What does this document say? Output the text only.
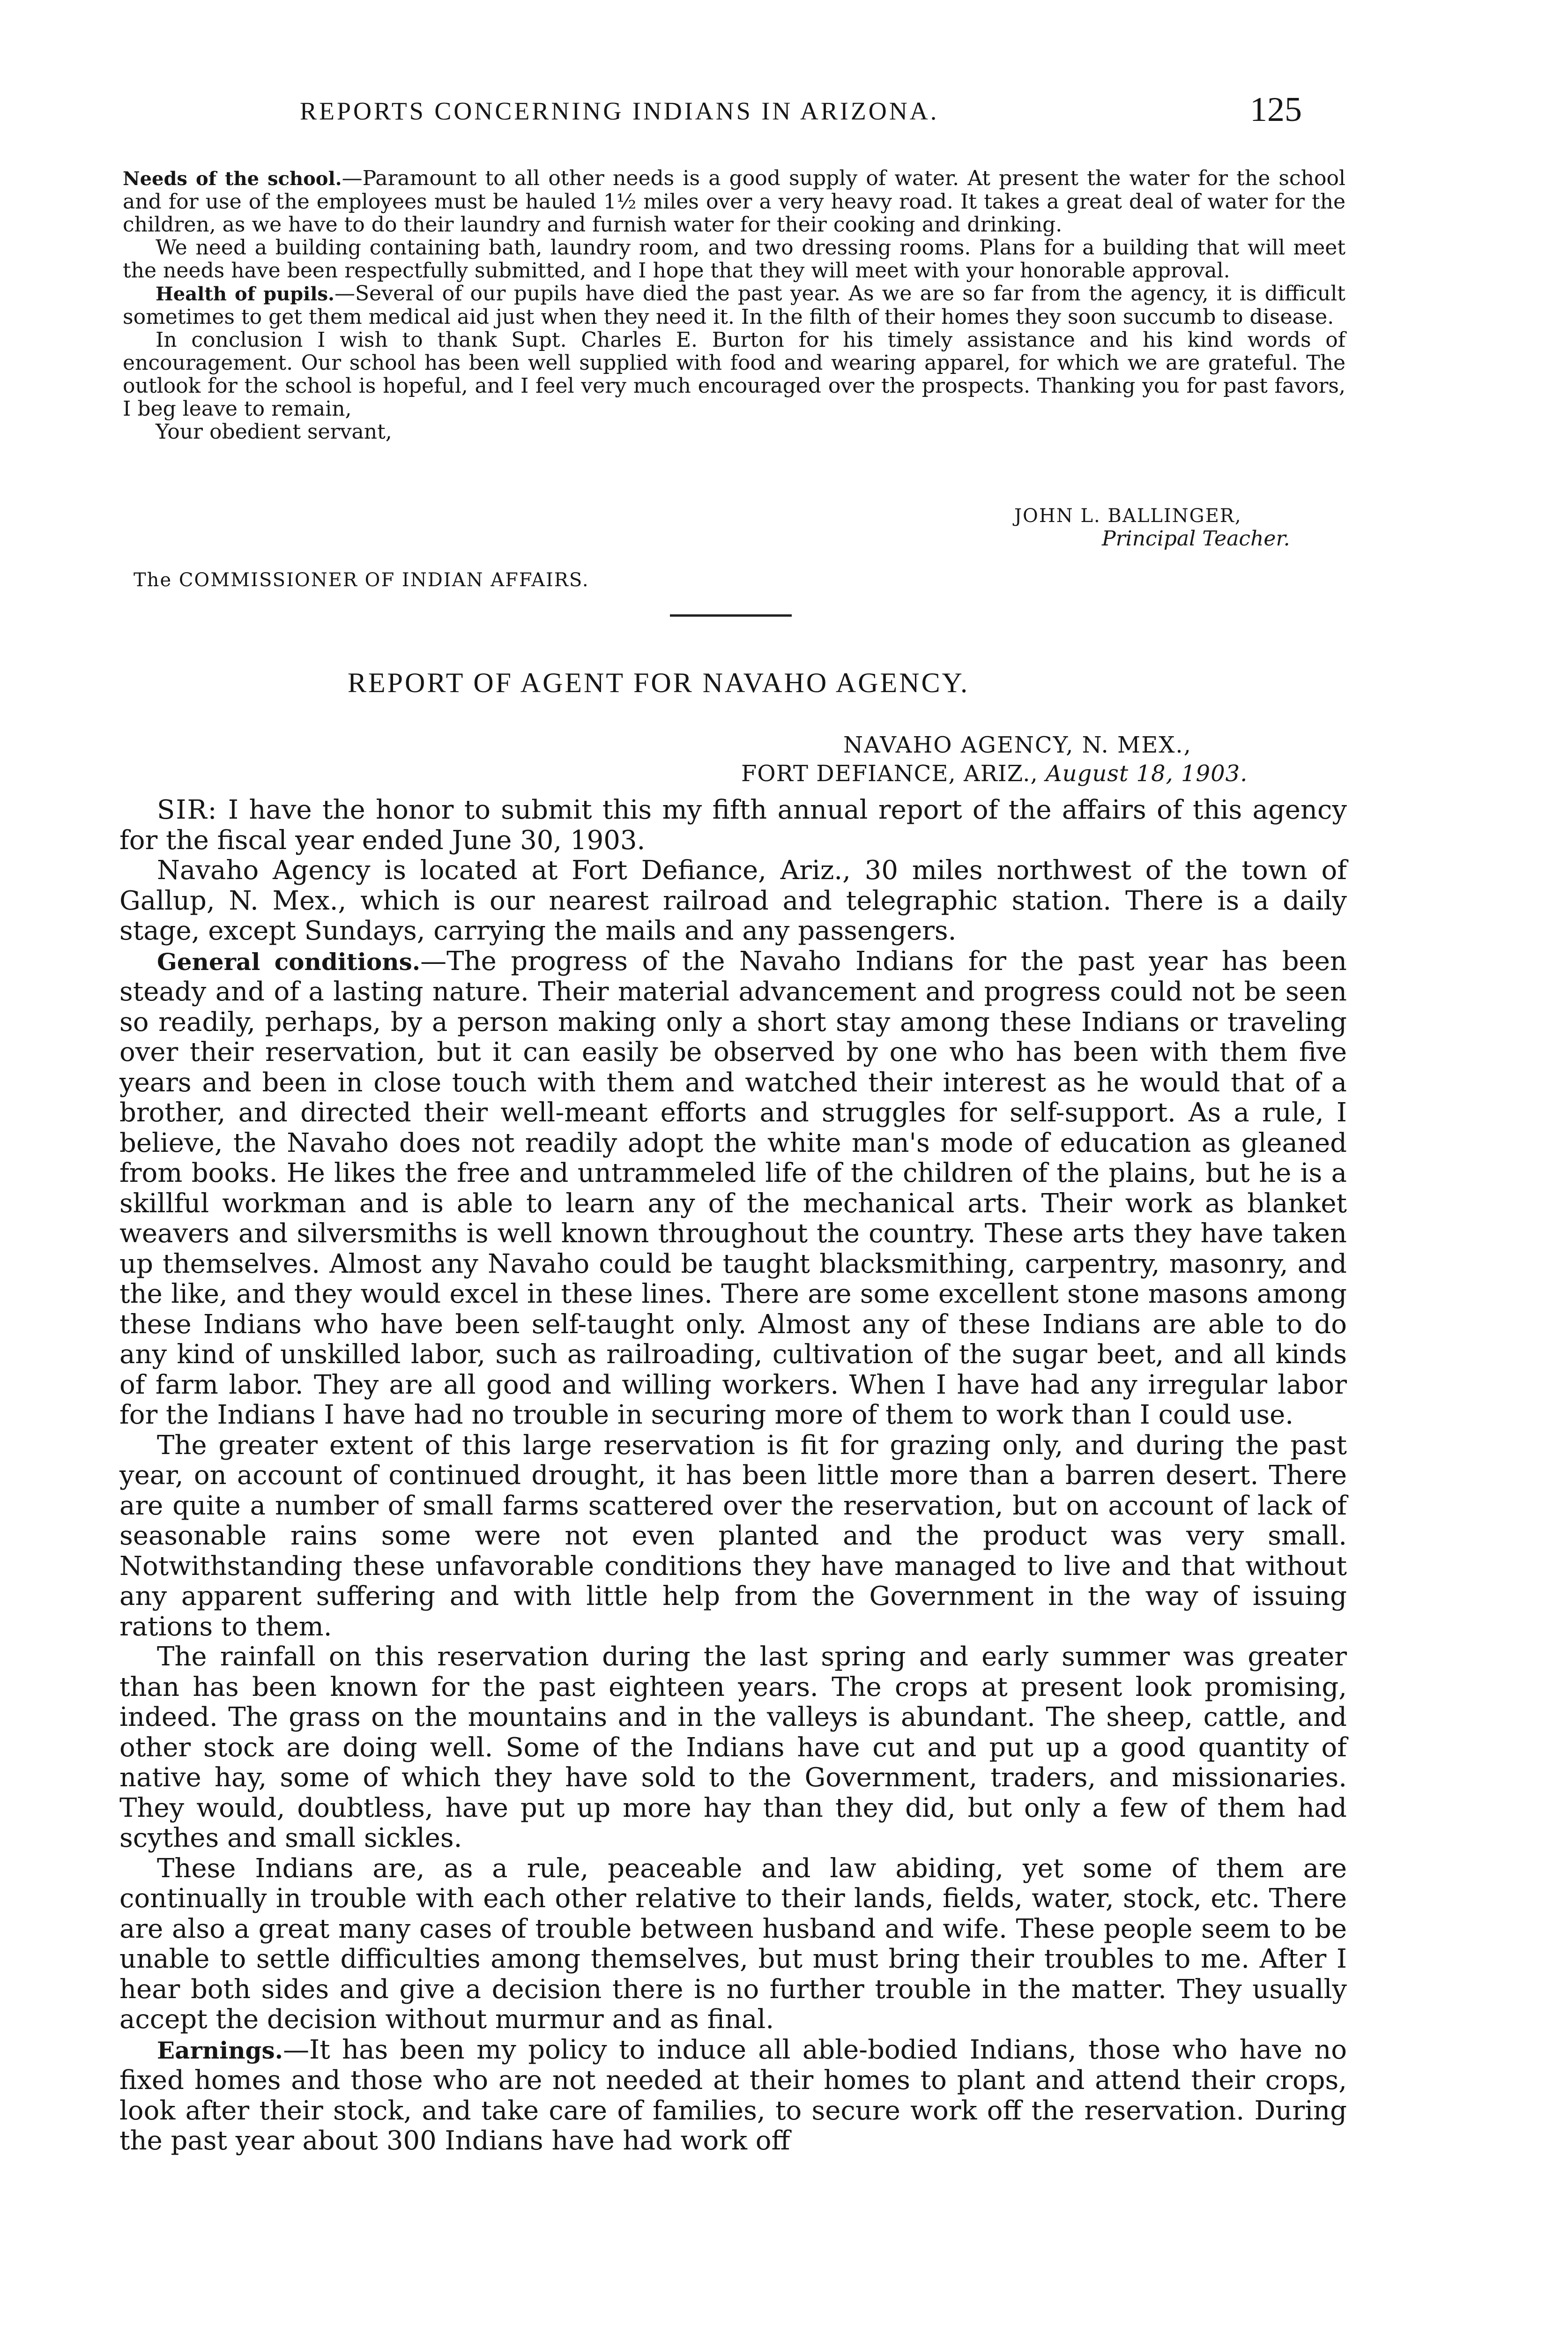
REPORTS CONCERNING INDIANS IN ARIZONA.	125

Needs of the school.—Paramount to all other needs is a good supply of water. At present the water for the school and for use of the employees must be hauled 1½ miles over a very heavy road. It takes a great deal of water for the children, as we have to do their laundry and furnish water for their cooking and drinking.

We need a building containing bath, laundry room, and two dressing rooms. Plans for a building that will meet the needs have been respectfully submitted, and I hope that they will meet with your honorable approval.

Health of pupils.—Several of our pupils have died the past year. As we are so far from the agency, it is difficult sometimes to get them medical aid just when they need it. In the filth of their homes they soon succumb to disease.

In conclusion I wish to thank Supt. Charles E. Burton for his timely assistance and his kind words of encouragement. Our school has been well supplied with food and wearing apparel, for which we are grateful. The outlook for the school is hopeful, and I feel very much encouraged over the prospects. Thanking you for past favors, I beg leave to remain,

Your obedient servant,

JOHN L. BALLINGER,
Principal Teacher.
The COMMISSIONER OF INDIAN AFFAIRS.
REPORT OF AGENT FOR NAVAHO AGENCY.
NAVAHO AGENCY, N. MEX.,
FORT DEFIANCE, ARIZ., August 18, 1903.

SIR: I have the honor to submit this my fifth annual report of the affairs of this agency for the fiscal year ended June 30, 1903.

Navaho Agency is located at Fort Defiance, Ariz., 30 miles northwest of the town of Gallup, N. Mex., which is our nearest railroad and telegraphic station. There is a daily stage, except Sundays, carrying the mails and any passengers.

General conditions.—The progress of the Navaho Indians for the past year has been steady and of a lasting nature. Their material advancement and progress could not be seen so readily, perhaps, by a person making only a short stay among these Indians or traveling over their reservation, but it can easily be observed by one who has been with them five years and been in close touch with them and watched their interest as he would that of a brother, and directed their well-meant efforts and struggles for self-support. As a rule, I believe, the Navaho does not readily adopt the white man's mode of education as gleaned from books. He likes the free and untrammeled life of the children of the plains, but he is a skillful workman and is able to learn any of the mechanical arts. Their work as blanket weavers and silversmiths is well known throughout the country. These arts they have taken up themselves. Almost any Navaho could be taught blacksmithing, carpentry, masonry, and the like, and they would excel in these lines. There are some excellent stone masons among these Indians who have been self-taught only. Almost any of these Indians are able to do any kind of unskilled labor, such as railroading, cultivation of the sugar beet, and all kinds of farm labor. They are all good and willing workers. When I have had any irregular labor for the Indians I have had no trouble in securing more of them to work than I could use.

The greater extent of this large reservation is fit for grazing only, and during the past year, on account of continued drought, it has been little more than a barren desert. There are quite a number of small farms scattered over the reservation, but on account of lack of seasonable rains some were not even planted and the product was very small. Notwithstanding these unfavorable conditions they have managed to live and that without any apparent suffering and with little help from the Government in the way of issuing rations to them.

The rainfall on this reservation during the last spring and early summer was greater than has been known for the past eighteen years. The crops at present look promising, indeed. The grass on the mountains and in the valleys is abundant. The sheep, cattle, and other stock are doing well. Some of the Indians have cut and put up a good quantity of native hay, some of which they have sold to the Government, traders, and missionaries. They would, doubtless, have put up more hay than they did, but only a few of them had scythes and small sickles.

These Indians are, as a rule, peaceable and law abiding, yet some of them are continually in trouble with each other relative to their lands, fields, water, stock, etc. There are also a great many cases of trouble between husband and wife. These people seem to be unable to settle difficulties among themselves, but must bring their troubles to me. After I hear both sides and give a decision there is no further trouble in the matter. They usually accept the decision without murmur and as final.

Earnings.—It has been my policy to induce all able-bodied Indians, those who have no fixed homes and those who are not needed at their homes to plant and attend their crops, look after their stock, and take care of families, to secure work off the reservation. During the past year about 300 Indians have had work off
